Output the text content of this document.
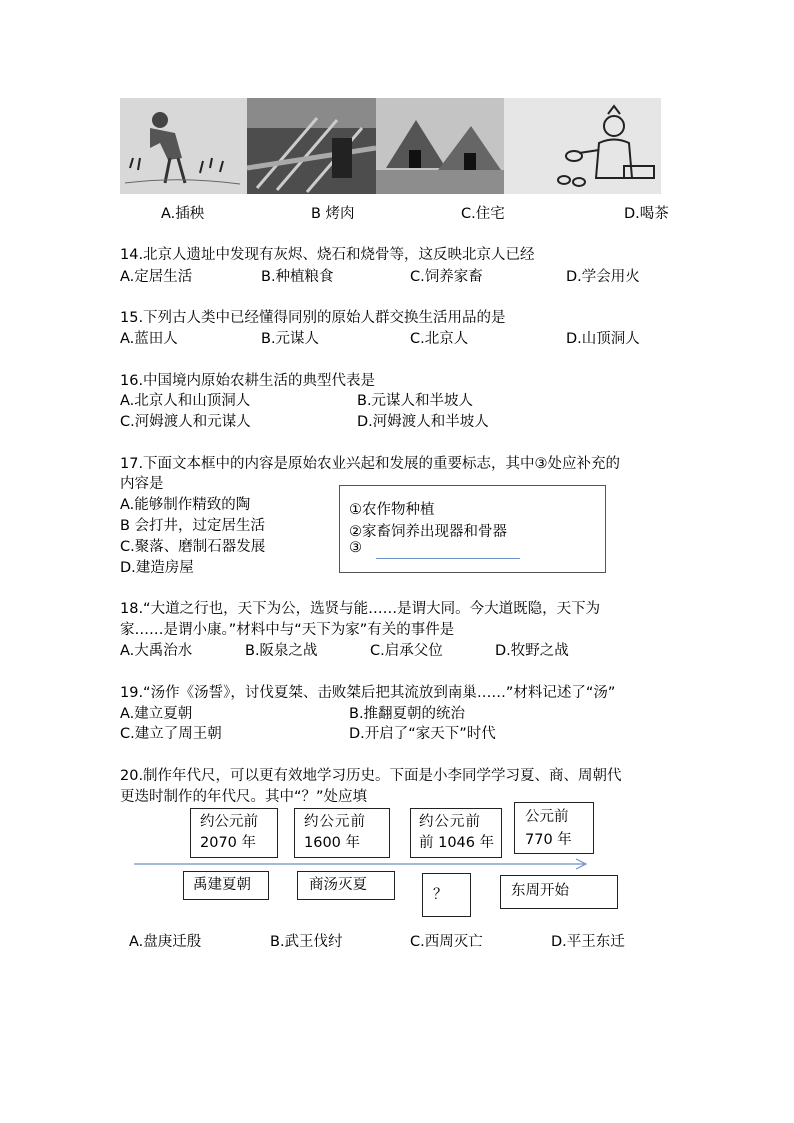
A.插秧	B 烤肉	C.住宅	D.喝茶
14.北京人遗址中发现有灰烬、烧石和烧骨等，这反映北京人已经
A.定居生活	B.种植粮食	C.饲养家畜	D.学会用火
15.下列古人类中已经懂得同别的原始人群交换生活用品的是
A.蓝田人	B.元谋人	C.北京人	D.山顶洞人
16.中国境内原始农耕生活的典型代表是
A.北京人和山顶洞人	B.元谋人和半坡人
C.河姆渡人和元谋人	D.河姆渡人和半坡人
17.下面文本框中的内容是原始农业兴起和发展的重要标志，其中③处应补充的
内容是
A.能够制作精致的陶
B 会打井，过定居生活
C.聚落、磨制石器发展
D.建造房屋
①农作物种植
②家畜饲养出现器和骨器
③
18.“大道之行也，天下为公，选贤与能……是谓大同。今大道既隐，天下为
家……是谓小康。”材料中与“天下为家”有关的事件是
A.大禹治水	B.阪泉之战	C.启承父位	D.牧野之战
19.“汤作《汤誓》，讨伐夏桀、击败桀后把其流放到南巢……”材料记述了“汤”
A.建立夏朝	B.推翻夏朝的统治
C.建立了周王朝	D.开启了“家天下”时代
20.制作年代尺，可以更有效地学习历史。下面是小李同学学习夏、商、周朝代
更迭时制作的年代尺。其中“？”处应填
约公元前
2070 年
约公元前
1600 年
约公元前
前 1046 年
公元前
770 年
禹建夏朝	商汤灭夏
？	东周开始
A.盘庚迁殷	B.武王伐纣	C.西周灭亡	D.平王东迁
